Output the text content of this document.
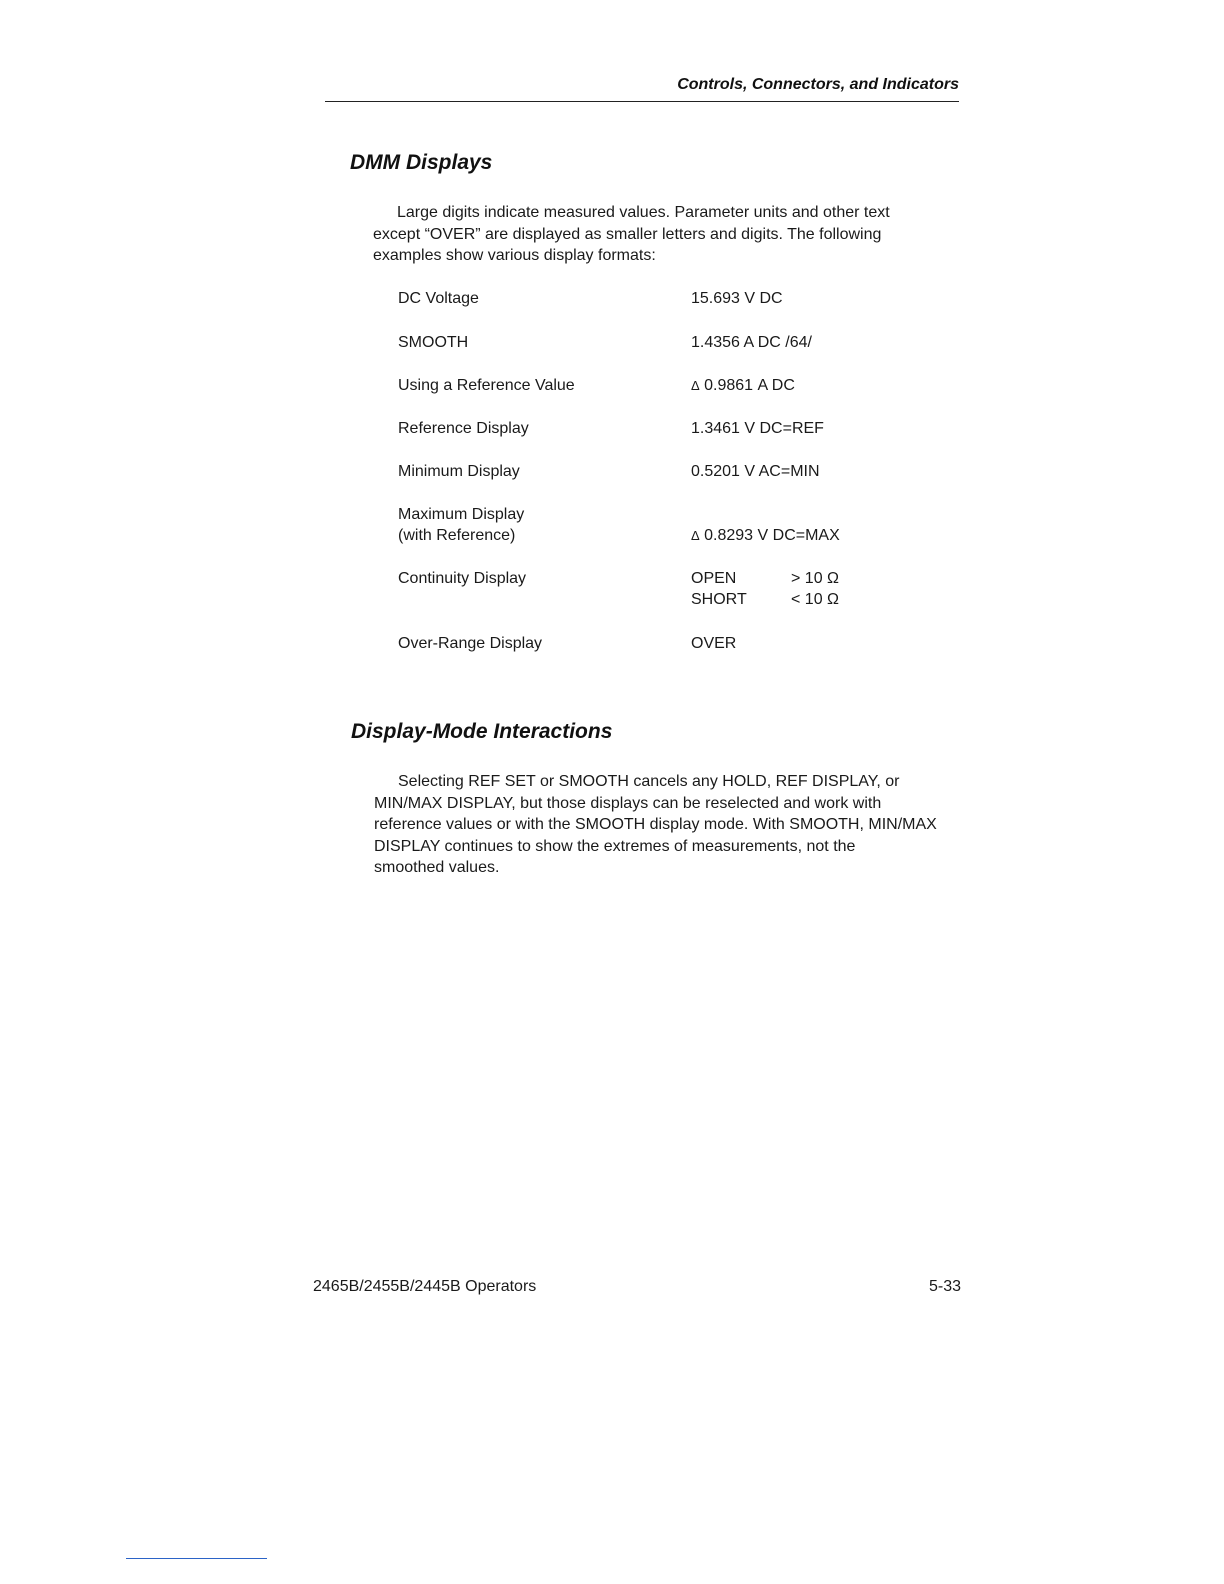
Controls, Connectors, and Indicators
DMM Displays
Large digits indicate measured values. Parameter units and other text
except “OVER” are displayed as smaller letters and digits. The following
examples show various display formats:
DC Voltage	15.693 V DC
SMOOTH	1.4356 A DC /64/
Using a Reference Value	Δ 0.9861 A DC
Reference Display	1.3461 V DC=REF
Minimum Display	0.5201 V AC=MIN
Maximum Display
(with Reference)	Δ 0.8293 V DC=MAX
Continuity Display	OPEN	> 10 Ω
SHORT	< 10 Ω
Over-Range Display	OVER
Display-Mode Interactions
Selecting REF SET or SMOOTH cancels any HOLD, REF DISPLAY, or
MIN/MAX DISPLAY, but those displays can be reselected and work with
reference values or with the SMOOTH display mode. With SMOOTH, MIN/MAX
DISPLAY continues to show the extremes of measurements, not the
smoothed values.
2465B/2455B/2445B Operators	5-33
